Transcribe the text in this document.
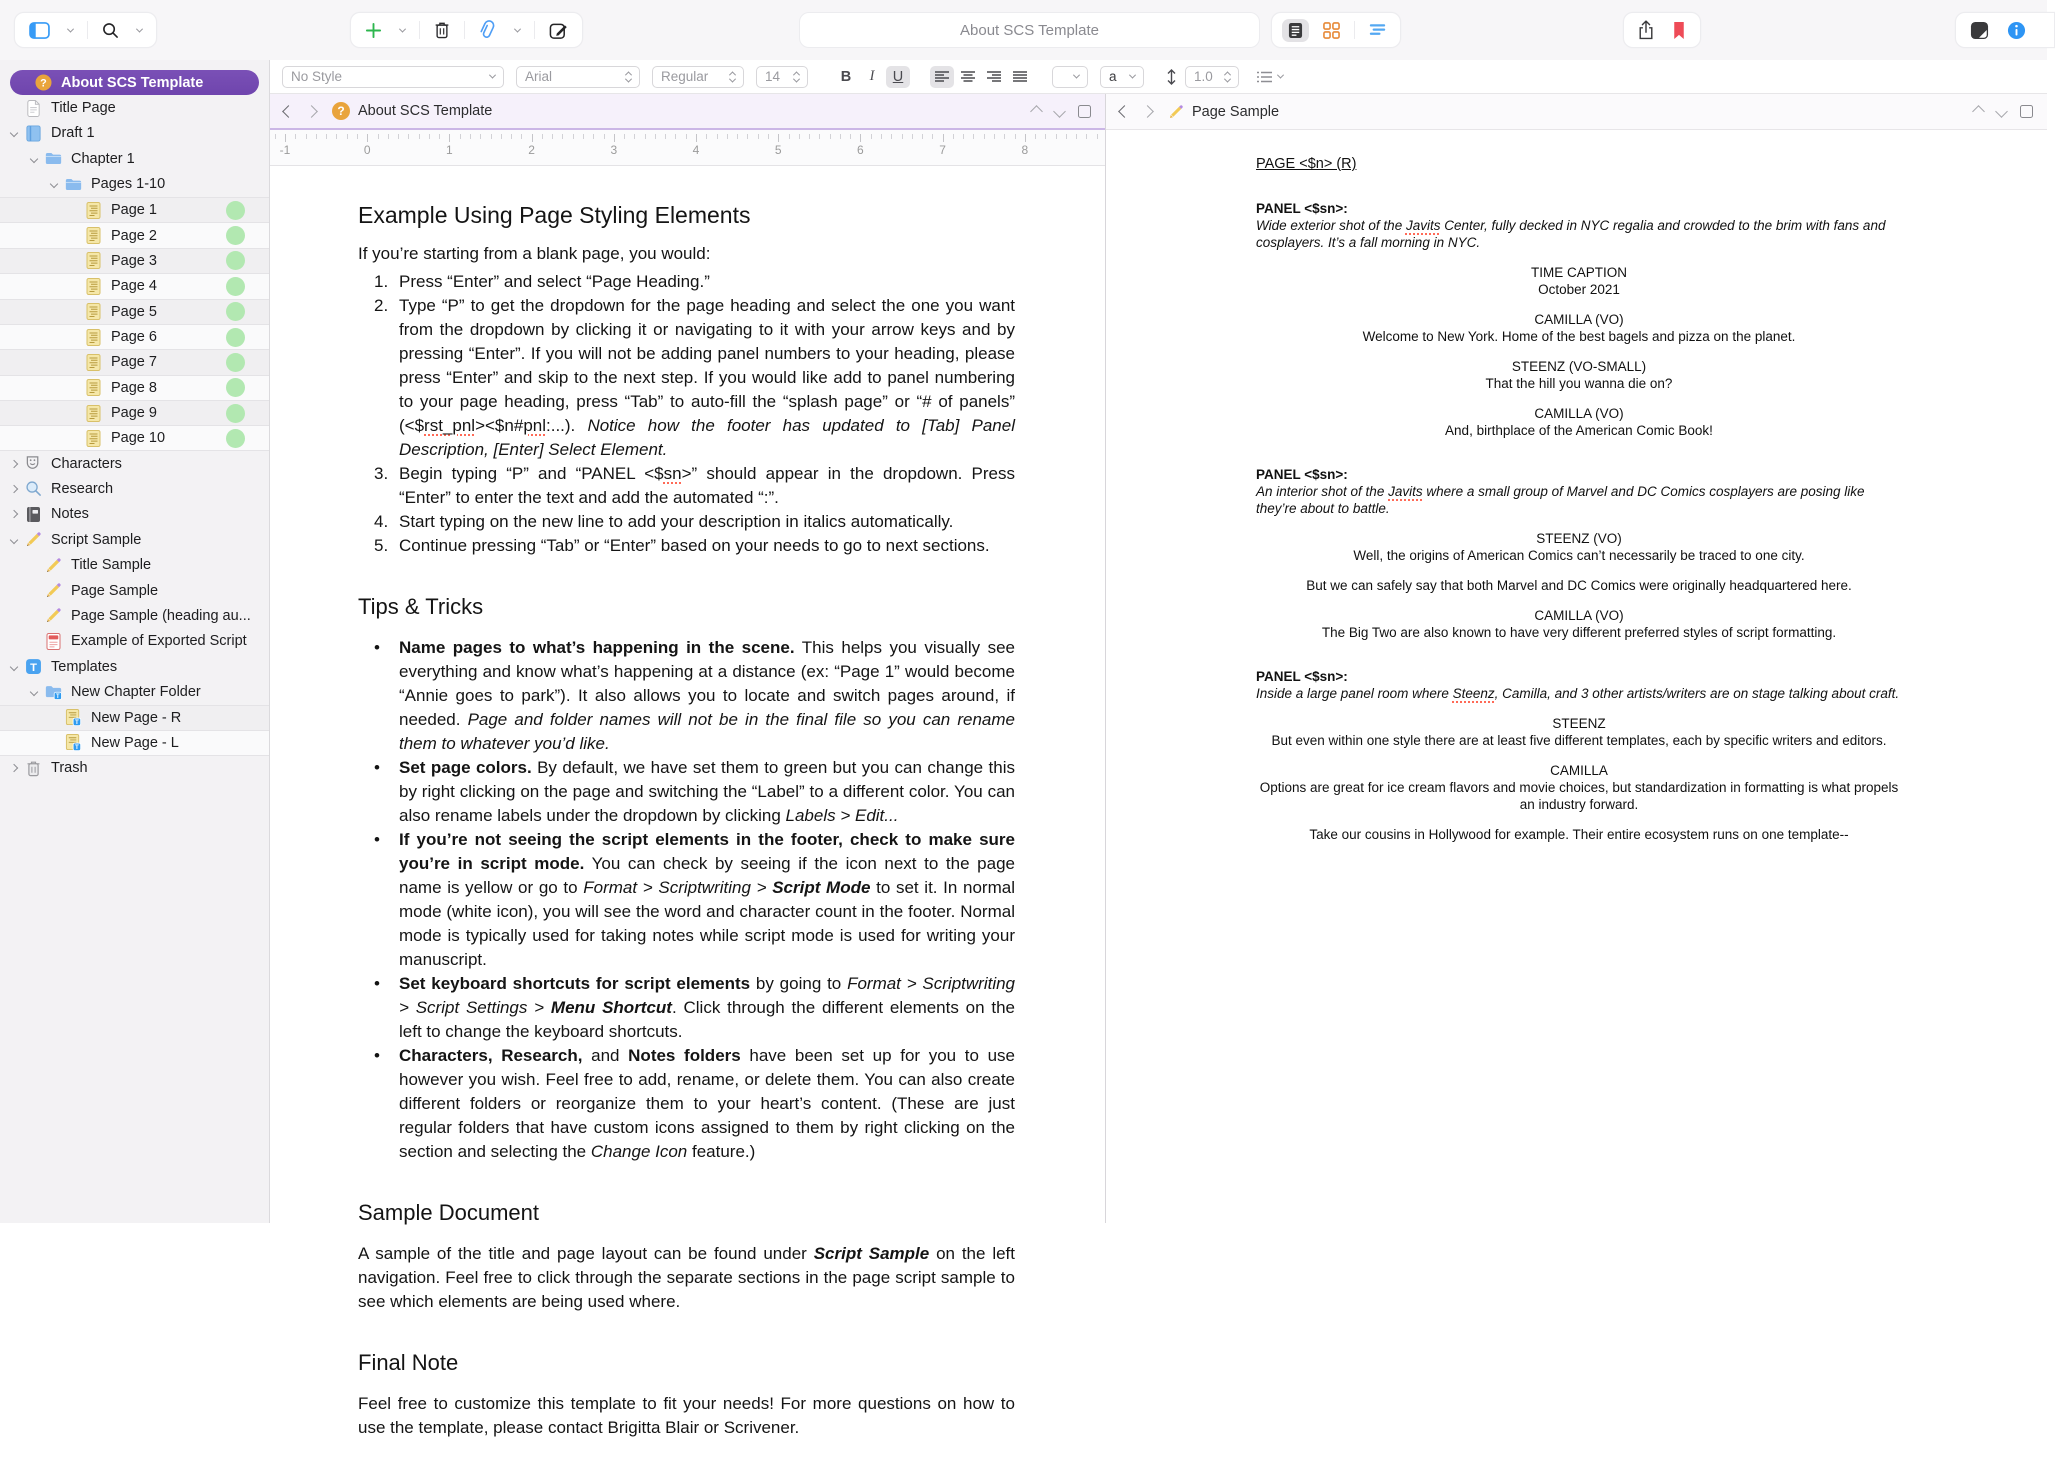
About SCS Template
? About SCS Template
Title Page
Draft 1
Chapter 1
Pages 1-10
Page 1
Page 2
Page 3
Page 4
Page 5
Page 6
Page 7
Page 8
Page 9
Page 10
Characters
Research
Notes
Script Sample
Title Sample
Page Sample
Page Sample (heading au...
Example of Exported Script
T Templates
T New Chapter Folder
T New Page - R
T New Page - L
Trash
No Style	Arial	Regular	14	B	I	U	a	1.0
? About SCS Template
-1	0	1	2	3	4	5	6	7	8
Example Using Page Styling Elements
If you’re starting from a blank page, you would:
1. Press “Enter” and select “Page Heading.”
2. Type “P” to get the dropdown for the page heading and select the one you want from the dropdown by clicking it or navigating to it with your arrow keys and by pressing “Enter”. If you will not be adding panel numbers to your heading, please press “Enter” and skip to the next step. If you would like add to panel numbering to your page heading, press “Tab” to auto-fill the “splash page” or “# of panels” (<$rst_pnl><$n#pnl:...). Notice how the footer has updated to [Tab] Panel Description, [Enter] Select Element.
3. Begin typing “P” and “PANEL <$sn>” should appear in the dropdown. Press “Enter” to enter the text and add the automated “:”.
4. Start typing on the new line to add your description in italics automatically.
5. Continue pressing “Tab” or “Enter” based on your needs to go to next sections.
Tips & Tricks
•	Name pages to what’s happening in the scene. This helps you visually see everything and know what’s happening at a distance (ex: “Page 1” would become “Annie goes to park”). It also allows you to locate and switch pages around, if needed. Page and folder names will not be in the final file so you can rename them to whatever you’d like.
•	Set page colors. By default, we have set them to green but you can change this by right clicking on the page and switching the “Label” to a different color. You can also rename labels under the dropdown by clicking Labels > Edit...
•	If you’re not seeing the script elements in the footer, check to make sure you’re in script mode. You can check by seeing if the icon next to the page name is yellow or go to Format > Scriptwriting > Script Mode to set it. In normal mode (white icon), you will see the word and character count in the footer. Normal mode is typically used for taking notes while script mode is used for writing your manuscript.
•	Set keyboard shortcuts for script elements by going to Format > Scriptwriting > Script Settings > Menu Shortcut. Click through the different elements on the left to change the keyboard shortcuts.
•	Characters, Research, and Notes folders have been set up for you to use however you wish. Feel free to add, rename, or delete them. You can also create different folders or reorganize them to your heart’s content. (These are just regular folders that have custom icons assigned to them by right clicking on the section and selecting the Change Icon feature.)
Sample Document
A sample of the title and page layout can be found under Script Sample on the left navigation. Feel free to click through the separate sections in the page script sample to see which elements are being used where.
Final Note
Feel free to customize this template to fit your needs! For more questions on how to use the template, please contact Brigitta Blair or Scrivener.
Page Sample
PAGE <$n> (R)
PANEL <$sn>:
Wide exterior shot of the Javits Center, fully decked in NYC regalia and crowded to the brim with fans and cosplayers. It’s a fall morning in NYC.
TIME CAPTION
October 2021
CAMILLA (VO)
Welcome to New York. Home of the best bagels and pizza on the planet.
STEENZ (VO-SMALL)
That the hill you wanna die on?
CAMILLA (VO)
And, birthplace of the American Comic Book!
PANEL <$sn>:
An interior shot of the Javits where a small group of Marvel and DC Comics cosplayers are posing like they’re about to battle.
STEENZ (VO)
Well, the origins of American Comics can’t necessarily be traced to one city.
But we can safely say that both Marvel and DC Comics were originally headquartered here.
CAMILLA (VO)
The Big Two are also known to have very different preferred styles of script formatting.
PANEL <$sn>:
Inside a large panel room where Steenz, Camilla, and 3 other artists/writers are on stage talking about craft.
STEENZ
But even within one style there are at least five different templates, each by specific writers and editors.
CAMILLA
Options are great for ice cream flavors and movie choices, but standardization in formatting is what propels an industry forward.
Take our cousins in Hollywood for example. Their entire ecosystem runs on one template--
